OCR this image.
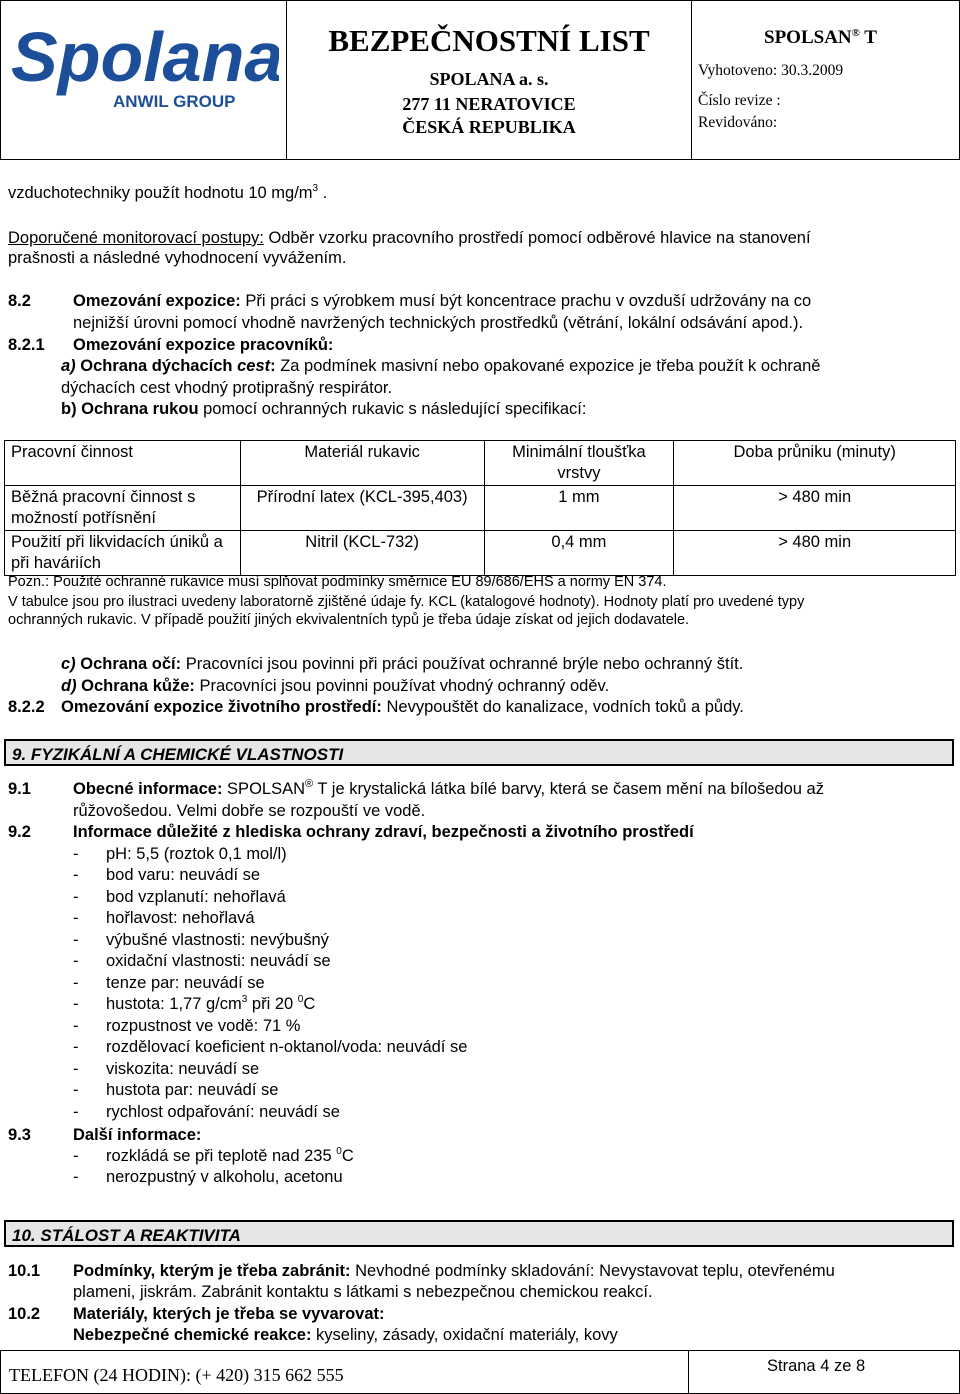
Spolana
ANWIL GROUP
BEZPEČNOSTNÍ LIST
SPOLANA a. s.
277 11 NERATOVICE
ČESKÁ REPUBLIKA
SPOLSAN® T
Vyhotoveno: 30.3.2009
Číslo revize :
Revidováno:
vzduchotechniky použít hodnotu 10 $mg/m^3$ .
Doporučené monitorovací postupy: Odběr vzorku pracovního prostředí pomocí odběrové hlavice na stanovení
prašnosti a následné vyhodnocení vyvážením.
8.2	Omezování expozice: Při práci s výrobkem musí být koncentrace prachu v ovzduší udržovány na co
nejnižší úrovni pomocí vhodně navržených technických prostředků (větrání, lokální odsávání apod.).
8.2.1 Omezování expozice pracovníků:
a) Ochrana dýchacích cest: Za podmínek masivní nebo opakované expozice je třeba použít k ochraně
dýchacích cest vhodný protiprašný respirátor.
b) Ochrana rukou pomocí ochranných rukavic s následující specifikací:
Pracovní činnost	Materiál rukavic	Minimální tloušťka vrstvy	Doba průniku (minuty)
Běžná pracovní činnost s možností potřísnění	Přírodní latex (KCL-395,403)	1 mm	> 480 min
Použití při likvidacích úniků a při haváriích	Nitril (KCL-732)	0,4 mm	> 480 min
Pozn.: Použité ochranné rukavice musí splňovat podmínky směrnice EU 89/686/EHS a normy EN 374.
V tabulce jsou pro ilustraci uvedeny laboratorně zjištěné údaje fy. KCL (katalogové hodnoty). Hodnoty platí pro uvedené typy
ochranných rukavic. V případě použití jiných ekvivalentních typů je třeba údaje získat od jejich dodavatele.
c) Ochrana očí: Pracovníci jsou povinni při práci používat ochranné brýle nebo ochranný štít.
d) Ochrana kůže: Pracovníci jsou povinni používat vhodný ochranný oděv.
8.2.2 Omezování expozice životního prostředí: Nevypouštět do kanalizace, vodních toků a půdy.
9. FYZIKÁLNÍ A CHEMICKÉ VLASTNOSTI
9.1	Obecné informace: SPOLSAN® T je krystalická látka bílé barvy, která se časem mění na bílošedou až
růžovošedou. Velmi dobře se rozpouští ve vodě.
9.2	Informace důležité z hlediska ochrany zdraví, bezpečnosti a životního prostředí
- pH: 5,5 (roztok 0,1 mol/l)
- bod varu: neuvádí se
- bod vzplanutí: nehořlavá
- hořlavost: nehořlavá
- výbušné vlastnosti: nevýbušný
- oxidační vlastnosti: neuvádí se
- tenze par: neuvádí se
- hustota: 1,77 $g/cm^3$ při 20 $^0$C
- rozpustnost ve vodě: 71 %
- rozdělovací koeficient n-oktanol/voda: neuvádí se
- viskozita: neuvádí se
- hustota par: neuvádí se
- rychlost odpařování: neuvádí se
9.3	Další informace:
- rozkládá se při teplotě nad 235 $^0$C
- nerozpustný v alkoholu, acetonu
10. STÁLOST A REAKTIVITA
10.1 Podmínky, kterým je třeba zabránit: Nevhodné podmínky skladování: Nevystavovat teplu, otevřenému
plameni, jiskrám. Zabránit kontaktu s látkami s nebezpečnou chemickou reakcí.
10.2 Materiály, kterých je třeba se vyvarovat:
Nebezpečné chemické reakce: kyseliny, zásady, oxidační materiály, kovy
TELEFON (24 HODIN): (+ 420) 315 662 555	Strana 4 ze 8
